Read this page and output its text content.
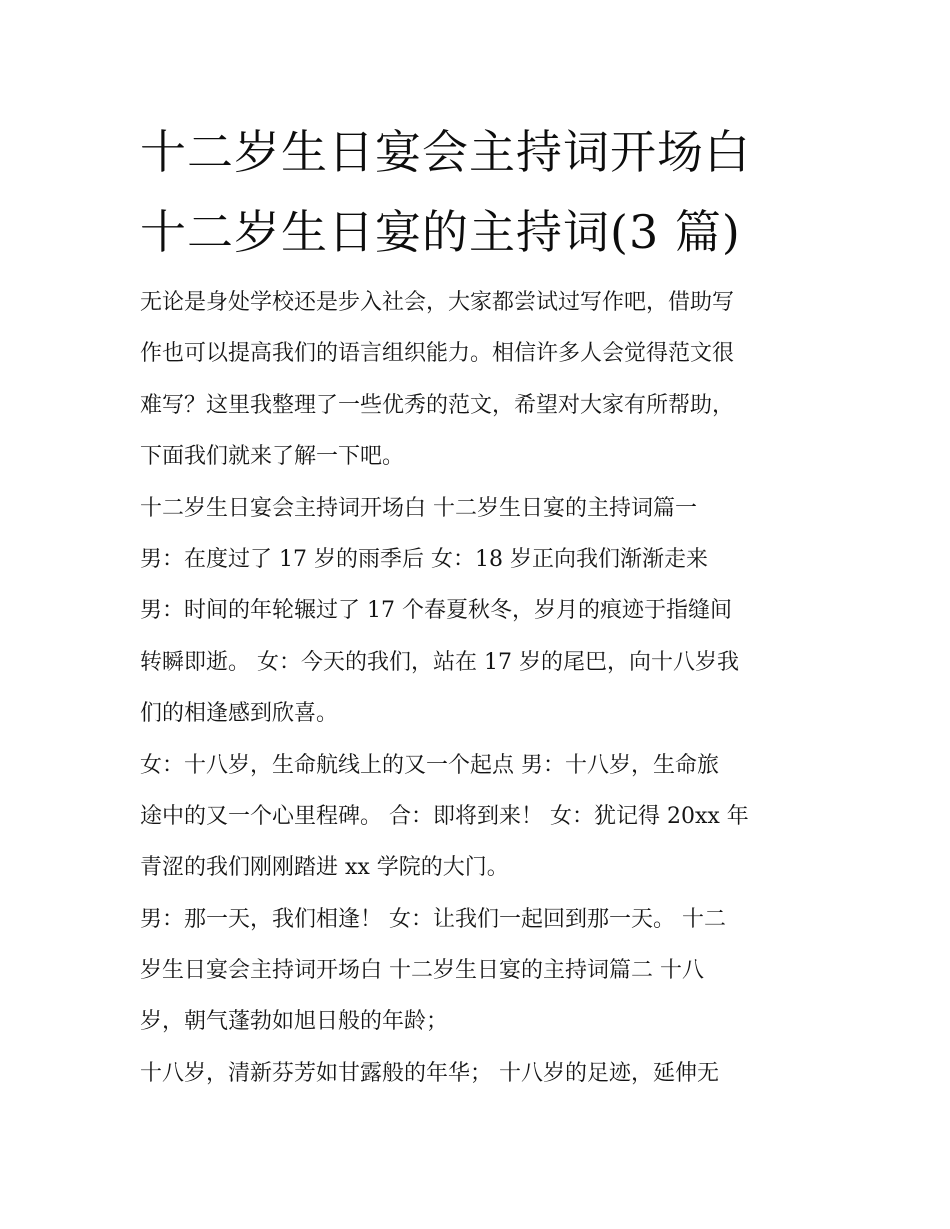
十二岁生日宴会主持词开场白
十二岁生日宴的主持词(3 篇)

无论是身处学校还是步入社会，大家都尝试过写作吧，借助写
作也可以提高我们的语言组织能力。相信许多人会觉得范文很
难写？这里我整理了一些优秀的范文，希望对大家有所帮助，
下面我们就来了解一下吧。

十二岁生日宴会主持词开场白 十二岁生日宴的主持词篇一

男：在度过了 17 岁的雨季后 女：18 岁正向我们渐渐走来

男：时间的年轮辗过了 17 个春夏秋冬，岁月的痕迹于指缝间
转瞬即逝。 女：今天的我们，站在 17 岁的尾巴，向十八岁我
们的相逢感到欣喜。

女：十八岁，生命航线上的又一个起点 男：十八岁，生命旅
途中的又一个心里程碑。 合：即将到来！ 女：犹记得 20xx 年
青涩的我们刚刚踏进 xx 学院的大门。

男：那一天，我们相逢！ 女：让我们一起回到那一天。 十二
岁生日宴会主持词开场白 十二岁生日宴的主持词篇二 十八
岁，朝气蓬勃如旭日般的年龄；

十八岁，清新芬芳如甘露般的年华； 十八岁的足迹，延伸无
